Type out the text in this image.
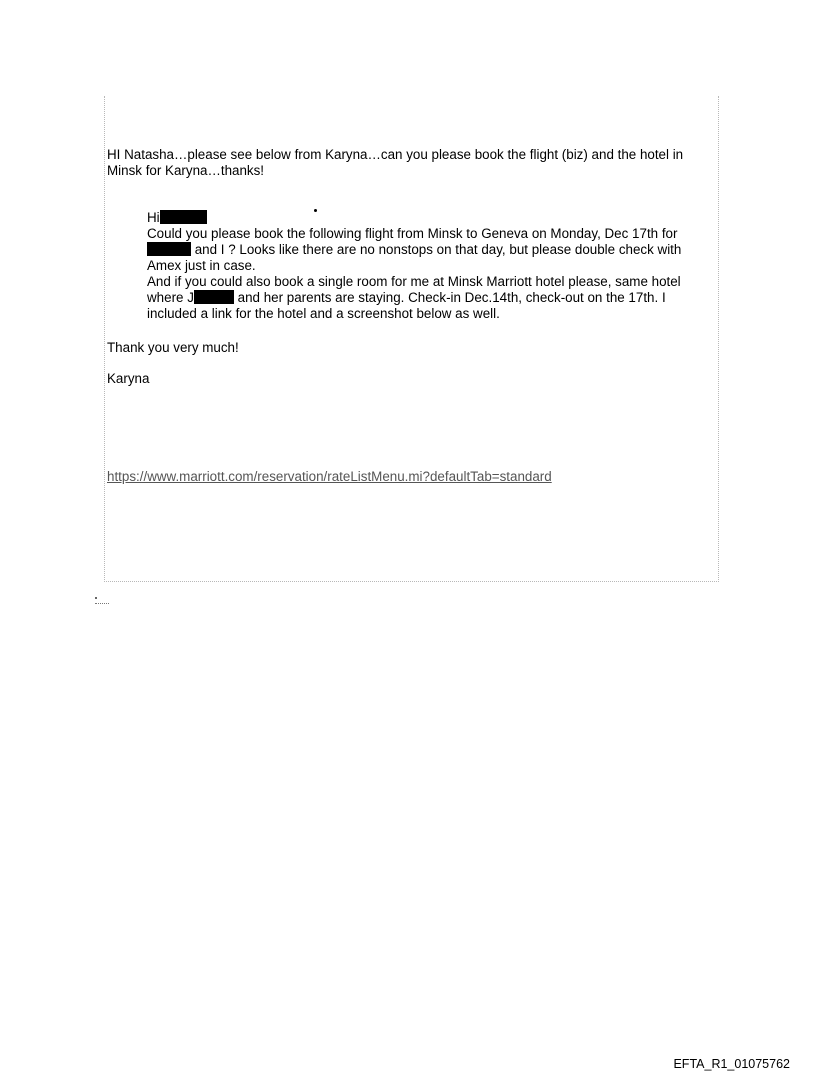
HI Natasha…please see below from Karyna…can you please book the flight (biz) and the hotel in Minsk for Karyna…thanks!

Hi

Could you please book the following flight from Minsk to Geneva on Monday, Dec 17th for  and I ? Looks like there are no nonstops on that day, but please double check with Amex just in case.

And if you could also book a single room for me at Minsk Marriott hotel please, same hotel where J	and her parents are staying. Check-in Dec.14th, check-out on the 17th. I included a link for the hotel and a screenshot below as well.

Thank you very much!

Karyna

https://www.marriott.com/reservation/rateListMenu.mi?defaultTab=standard

EFTA_R1_01075762
